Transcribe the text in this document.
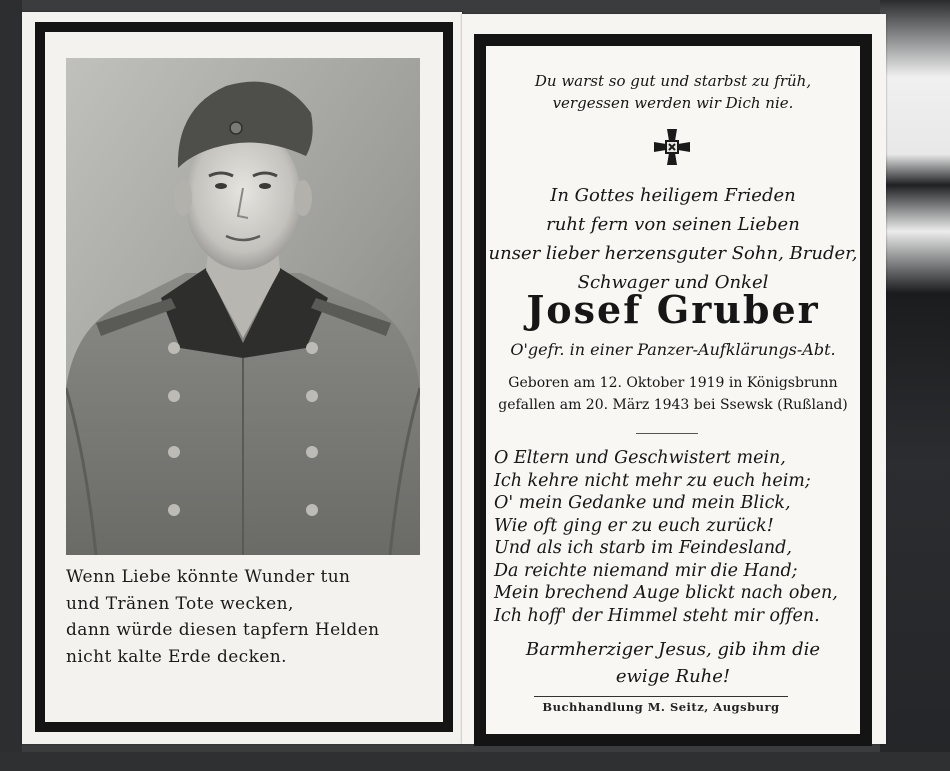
Wenn Liebe könnte Wunder tun
und Tränen Tote wecken,
dann würde diesen tapfern Helden
nicht kalte Erde decken.
Du warst so gut und starbst zu früh,
vergessen werden wir Dich nie.
In Gottes heiligem Frieden
ruht fern von seinen Lieben
unser lieber herzensguter Sohn, Bruder,
Schwager und Onkel
Josef Gruber
O'gefr. in einer Panzer-Aufklärungs-Abt.
Geboren am 12. Oktober 1919 in Königsbrunn
gefallen am 20. März 1943 bei Ssewsk (Rußland)
O Eltern und Geschwistert mein,
Ich kehre nicht mehr zu euch heim;
O' mein Gedanke und mein Blick,
Wie oft ging er zu euch zurück!
Und als ich starb im Feindesland,
Da reichte niemand mir die Hand;
Mein brechend Auge blickt nach oben,
Ich hoff' der Himmel steht mir offen.
Barmherziger Jesus, gib ihm die
ewige Ruhe!
Buchhandlung M. Seitz, Augsburg
